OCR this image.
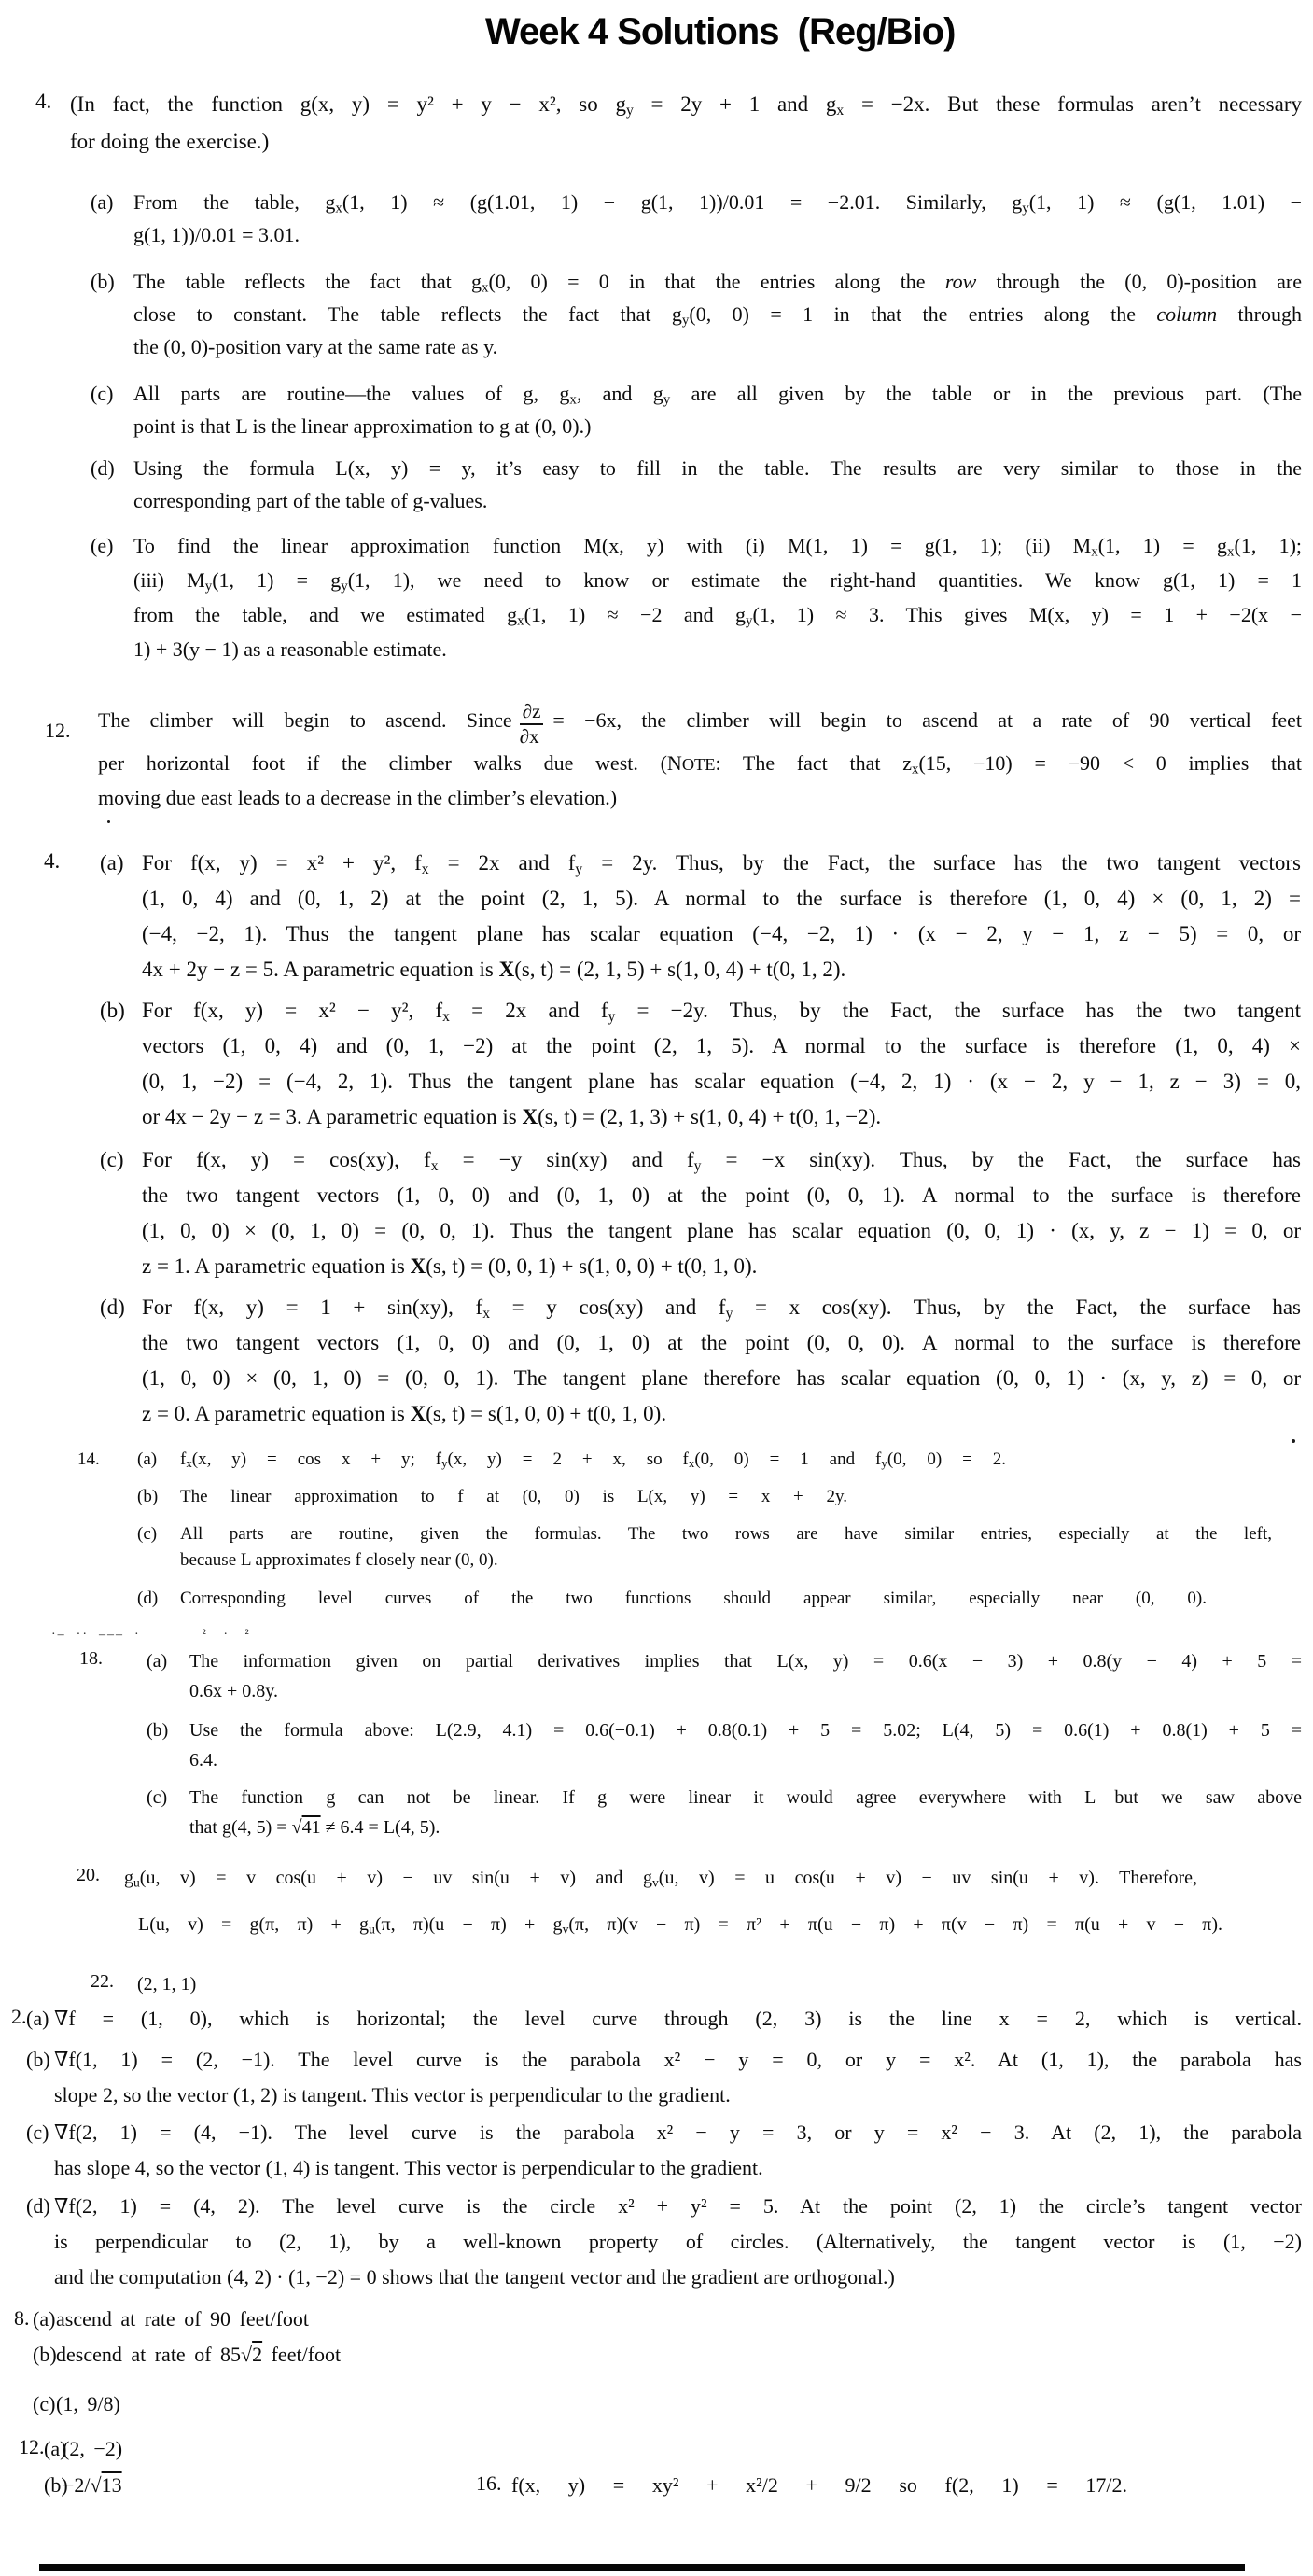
Week 4 Solutions  (Reg/Bio)
4. (In fact, the function g(x, y) = y² + y − x², so $g_y = 2y + 1$ and $g_x = -2x$. But these formulas aren’t necessary
for doing the exercise.)
(a) From the table, $g_x(1$, 1) ≈ (g(1.01, 1) − g(1, 1))/0.01 = −2.01. Similarly, $g_y(1$, 1) ≈ (g(1, 1.01) −
g(1, 1))/0.01 = 3.01.
(b) The table reflects the fact that $g_x(0$, 0) = 0 in that the entries along the row through the (0, 0)-position are
close to constant. The table reflects the fact that $g_y(0$, 0) = 1 in that the entries along the column through
the (0, 0)-position vary at the same rate as y.
(c) All parts are routine—the values of g, $g_x$, and $g_y$ are all given by the table or in the previous part. (The
point is that L is the linear approximation to g at (0, 0).)
(d) Using the formula L(x, y) = y, it’s easy to fill in the table. The results are very similar to those in the
corresponding part of the table of g-values.
(e) To find the linear approximation function M(x, y) with (i) M(1, 1) = g(1, 1); (ii) $M_x(1$, $1) = g_x(1$, 1);
(iii) $M_y(1$, $1) = g_y(1$, 1), we need to know or estimate the right-hand quantities. We know g(1, 1) = 1
from the table, and we estimated $g_x(1$, 1) ≈ −2 and $g_y(1$, 1) ≈ 3. This gives M(x, y) = 1 + −2(x −
1) + 3(y − 1) as a reasonable estimate.
12. The climber will begin to ascend. Since $\frac{\partial z}{\partial x} = -6x$, the climber will begin to ascend at a rate of 90 vertical feet
per horizontal foot if the climber walks due west. (NOTE: The fact that $z_x(15$, −10) = −90 < 0 implies that
moving due east leads to a decrease in the climber’s elevation.)
4. (a) For f(x, y) = x² + y², $f_x = 2x$ and $f_y = 2y$. Thus, by the Fact, the surface has the two tangent vectors
(1, 0, 4) and (0, 1, 2) at the point (2, 1, 5). A normal to the surface is therefore (1, 0, 4) × (0, 1, 2) =
(−4, −2, 1). Thus the tangent plane has scalar equation (−4, −2, 1) · (x − 2, y − 1, z − 5) = 0, or
4x + 2y − z = 5. A parametric equation is X(s, t) = (2, 1, 5) + s(1, 0, 4) + t(0, 1, 2).
(b) For f(x, y) = x² − y², $f_x = 2x$ and $f_y = -2y$. Thus, by the Fact, the surface has the two tangent
vectors (1, 0, 4) and (0, 1, −2) at the point (2, 1, 5). A normal to the surface is therefore (1, 0, 4) ×
(0, 1, −2) = (−4, 2, 1). Thus the tangent plane has scalar equation (−4, 2, 1) · (x − 2, y − 1, z − 3) = 0,
or 4x − 2y − z = 3. A parametric equation is X(s, t) = (2, 1, 3) + s(1, 0, 4) + t(0, 1, −2).
(c) For f(x, y) = cos(xy), $f_x = -y$ sin(xy) and $f_y = -x$ sin(xy). Thus, by the Fact, the surface has
the two tangent vectors (1, 0, 0) and (0, 1, 0) at the point (0, 0, 1). A normal to the surface is therefore
(1, 0, 0) × (0, 1, 0) = (0, 0, 1). Thus the tangent plane has scalar equation (0, 0, 1) · (x, y, z − 1) = 0, or
z = 1. A parametric equation is X(s, t) = (0, 0, 1) + s(1, 0, 0) + t(0, 1, 0).
(d) For f(x, y) = 1 + sin(xy), $f_x = y$ cos(xy) and $f_y = x$ cos(xy). Thus, by the Fact, the surface has
the two tangent vectors (1, 0, 0) and (0, 1, 0) at the point (0, 0, 0). A normal to the surface is therefore
(1, 0, 0) × (0, 1, 0) = (0, 0, 1). The tangent plane therefore has scalar equation (0, 0, 1) · (x, y, z) = 0, or
z = 0. A parametric equation is X(s, t) = s(1, 0, 0) + t(0, 1, 0).
14. (a) $f_x(x$, y) = cos x + y; $f_y(x$, y) = 2 + x, so $f_x(0$, 0) = 1 and $f_y(0$, 0) = 2.
(b) The linear approximation to f at (0, 0) is L(x, y) = x + 2y.
(c) All parts are routine, given the formulas. The two rows are have similar entries, especially at the left,
because L approximates f closely near (0, 0).
(d) Corresponding level curves of the two functions should appear similar, especially near (0, 0).
·–  ··  –––  ·            ²   ·   ²
18. (a) The information given on partial derivatives implies that L(x, y) = 0.6(x − 3) + 0.8(y − 4) + 5 =
0.6x + 0.8y.
(b) Use the formula above: L(2.9, 4.1) = 0.6(−0.1) + 0.8(0.1) + 5 = 5.02; L(4, 5) = 0.6(1) + 0.8(1) + 5 =
6.4.
(c) The function g can not be linear. If g were linear it would agree everywhere with L—but we saw above
that g(4, 5) = √41 ≠ 6.4 = L(4, 5).
20. $g_u(u$, v) = v cos(u + v) − uv sin(u + v) and $g_v(u$, v) = u cos(u + v) − uv sin(u + v). Therefore,
L(u, v) = g(π, $\pi) + g_u(\pi$, $\pi)(u - \pi) + g_v(\pi$, π)(v − π) = π² + π(u − π) + π(v − π) = π(u + v − π).
22. (2, 1, 1)
2. (a) ∇f = (1, 0), which is horizontal; the level curve through (2, 3) is the line x = 2, which is vertical.
(b) ∇f(1, 1) = (2, −1). The level curve is the parabola x² − y = 0, or y = x². At (1, 1), the parabola has
slope 2, so the vector (1, 2) is tangent. This vector is perpendicular to the gradient.
(c) ∇f(2, 1) = (4, −1). The level curve is the parabola x² − y = 3, or y = x² − 3. At (2, 1), the parabola
has slope 4, so the vector (1, 4) is tangent. This vector is perpendicular to the gradient.
(d) ∇f(2, 1) = (4, 2). The level curve is the circle x² + y² = 5. At the point (2, 1) the circle’s tangent vector
is perpendicular to (2, 1), by a well-known property of circles. (Alternatively, the tangent vector is (1, −2)
and the computation (4, 2) · (1, −2) = 0 shows that the tangent vector and the gradient are orthogonal.)
8. (a)ascend at rate of 90 feet/foot
(b)descend at rate of 85√2 feet/foot
(c)(1, 9/8)
12. (a)(2, −2)
(b)−2/√13	16. f(x, y) = xy² + x²/2 + 9/2 so f(2, 1) = 17/2.
